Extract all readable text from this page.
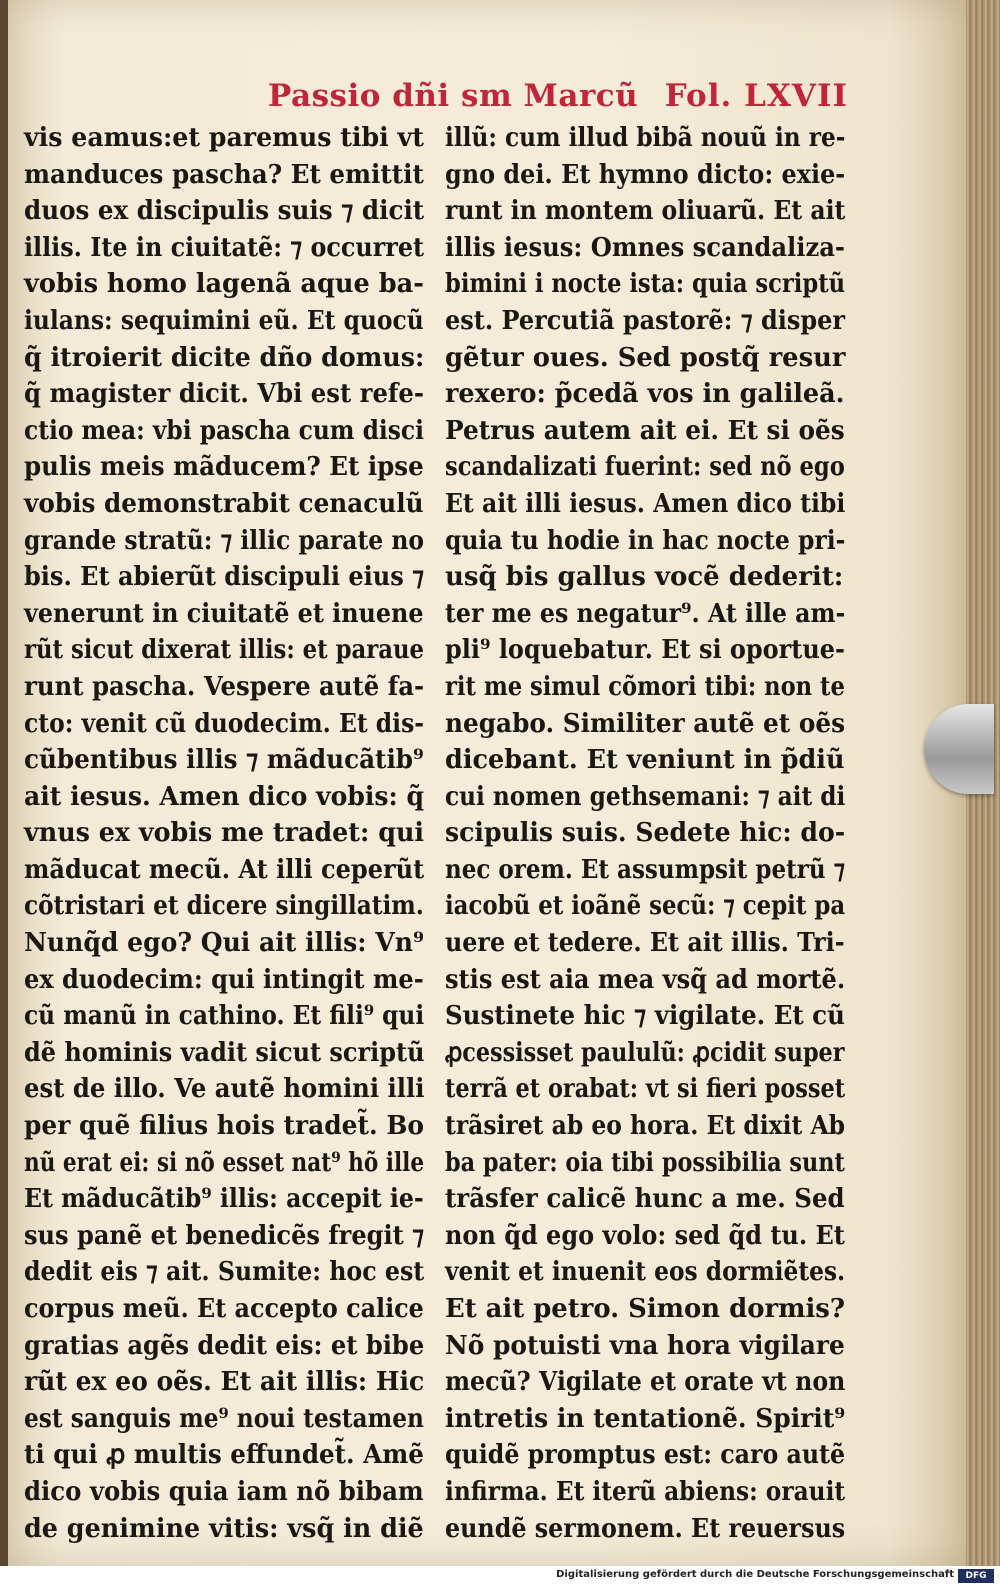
Passio dñi sm Marcũ Fol. LXVII
vis eamus:et paremus tibi vtmanduces pascha? Et emittitduos ex discipulis suis ⁊ dicitillis. Ite in ciuitatẽ: ⁊ occurretvobis homo lagenã aque ba-iulans: sequimini eũ. Et quocũq̃ itroierit dicite dño domus:q̃ magister dicit. Vbi est refe-ctio mea: vbi pascha cum discipulis meis mãducem? Et ipsevobis demonstrabit cenaculũgrande stratũ: ⁊ illic parate nobis. Et abierũt discipuli eius ⁊venerunt in ciuitatẽ et inuenerũt sicut dixerat illis: et parauerunt pascha. Vespere autẽ fa-cto: venit cũ duodecim. Et dis-cũbentibus illis ⁊ mãducãtib⁹ait iesus. Amen dico vobis: q̃vnus ex vobis me tradet: quimãducat mecũ. At illi ceperũtcõtristari et dicere singillatim.Nunq̃d ego? Qui ait illis: Vn⁹ex duodecim: qui intingit me-cũ manũ in cathino. Et fili⁹ quidẽ hominis vadit sicut scriptũest de illo. Ve autẽ homini illiper quẽ filius hois tradet̃. Bonũ erat ei: si nõ esset nat⁹ hõ illeEt mãducãtib⁹ illis: accepit ie-sus panẽ et benedicẽs fregit ⁊dedit eis ⁊ ait. Sumite: hoc estcorpus meũ. Et accepto calicegratias agẽs dedit eis: et biberũt ex eo oẽs. Et ait illis: Hicest sanguis me⁹ noui testamenti qui ꝓ multis effundet̃. Amẽdico vobis quia iam nõ bibamde genimine vitis: vsq̃ in diẽ
illũ: cum illud bibã nouũ in re-gno dei. Et hymno dicto: exie-runt in montem oliuarũ. Et aitillis iesus: Omnes scandaliza-bimini i nocte ista: quia scriptũest. Percutiã pastorẽ: ⁊ dispergẽtur oues. Sed postq̃ resurrexero: p̃cedã vos in galileã.Petrus autem ait ei. Et si oẽsscandalizati fuerint: sed nõ egoEt ait illi iesus. Amen dico tibiquia tu hodie in hac nocte pri-
usq̃ bis gallus vocẽ dederit:
ter me es negatur⁹. At ille am-pli⁹ loquebatur. Et si oportue-rit me simul cõmori tibi: non tenegabo. Similiter autẽ et oẽsdicebant. Et veniunt in p̃diũcui nomen gethsemani: ⁊ ait discipulis suis. Sedete hic: do-nec orem. Et assumpsit petrũ ⁊iacobũ et ioãnẽ secũ: ⁊ cepit pauere et tedere. Et ait illis. Tri-stis est aia mea vsq̃ ad mortẽ.Sustinete hic ⁊ vigilate. Et cũꝓcessisset paululũ: ꝓcidit superterrã et orabat: vt si fieri possettrãsiret ab eo hora. Et dixit Abba pater: oia tibi possibilia sunttrãsfer calicẽ hunc a me. Sednon q̃d ego volo: sed q̃d tu. Etvenit et inuenit eos dormiẽtes.Et ait petro. Simon dormis?Nõ potuisti vna hora vigilaremecũ? Vigilate et orate vt nonintretis in tentationẽ. Spirit⁹quidẽ promptus est: caro autẽinfirma. Et iterũ abiens: orauiteundẽ sermonem. Et reuersus
Digitalisierung gefördert durch die Deutsche Forschungsgemeinschaft	DFG
